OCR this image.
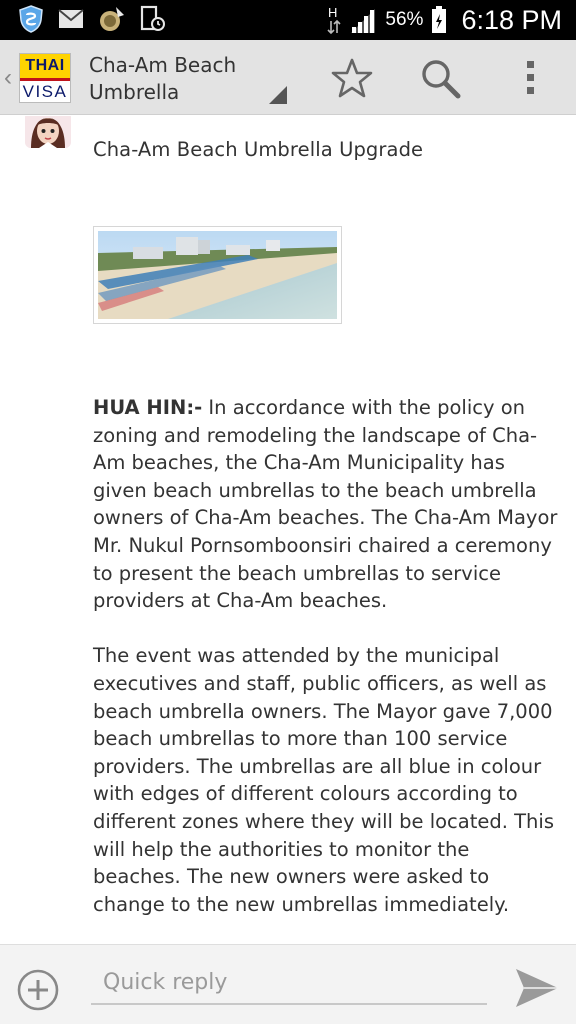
H	56% 6:18 PM
‹ THAI
VISA
Cha-Am Beach
Umbrella
Cha-Am Beach Umbrella Upgrade

HUA HIN:- In accordance with the policy on zoning and remodeling the landscape of Cha-Am beaches, the Cha-Am Municipality has given beach umbrellas to the beach umbrella owners of Cha-Am beaches. The Cha-Am Mayor Mr. Nukul Pornsomboonsiri chaired a ceremony to present the beach umbrellas to service providers at Cha-Am beaches.

The event was attended by the municipal executives and staff, public officers, as well as beach umbrella owners. The Mayor gave 7,000 beach umbrellas to more than 100 service providers. The umbrellas are all blue in colour with edges of different colours according to different zones where they will be located. This will help the authorities to monitor the beaches. The new owners were asked to change to the new umbrellas immediately.

Quick reply
